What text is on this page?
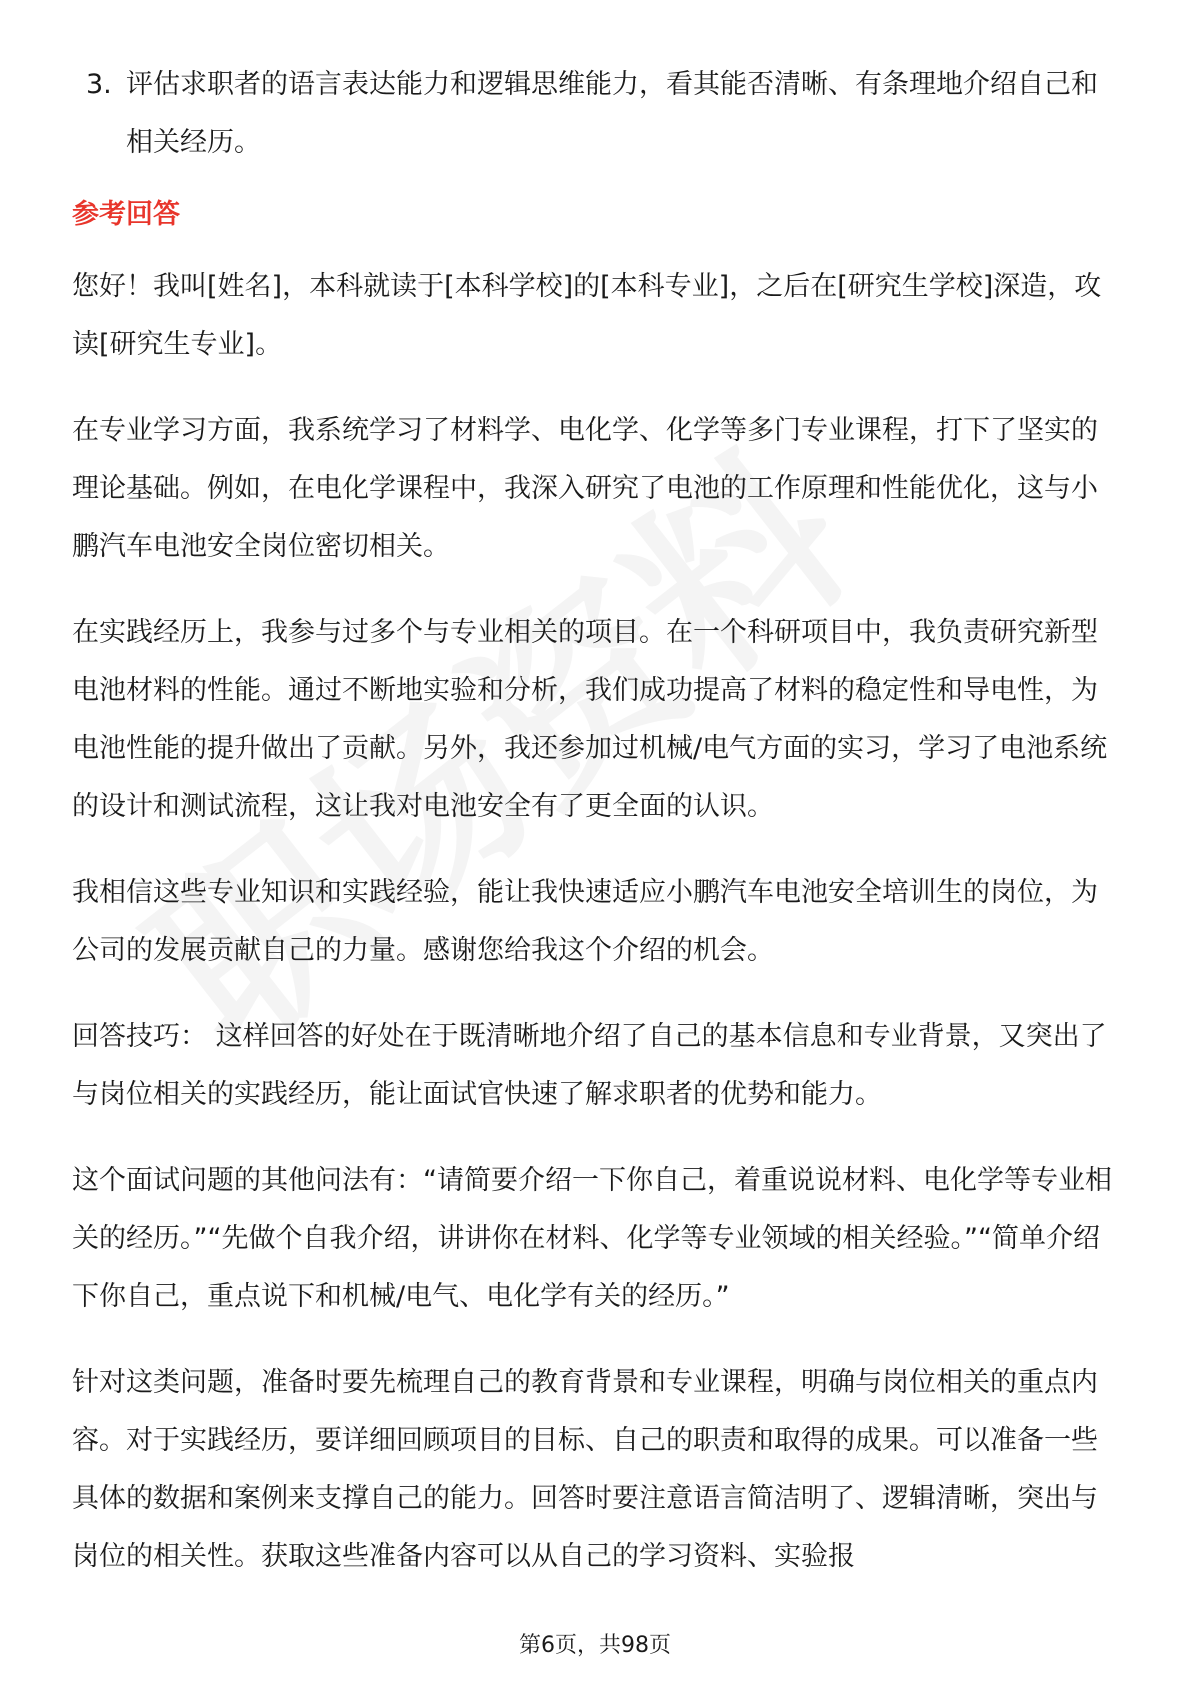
3. 评估求职者的语言表达能力和逻辑思维能力，看其能否清晰、有条理地介绍自己和相关经历。
参考回答

您好！我叫[姓名]，本科就读于[本科学校]的[本科专业]，之后在[研究生学校]深造，攻读[研究生专业]。

在专业学习方面，我系统学习了材料学、电化学、化学等多门专业课程，打下了坚实的理论基础。例如，在电化学课程中，我深入研究了电池的工作原理和性能优化，这与小鹏汽车电池安全岗位密切相关。

在实践经历上，我参与过多个与专业相关的项目。在一个科研项目中，我负责研究新型电池材料的性能。通过不断地实验和分析，我们成功提高了材料的稳定性和导电性，为电池性能的提升做出了贡献。另外，我还参加过机械/电气方面的实习，学习了电池系统的设计和测试流程，这让我对电池安全有了更全面的认识。

我相信这些专业知识和实践经验，能让我快速适应小鹏汽车电池安全培训生的岗位，为公司的发展贡献自己的力量。感谢您给我这个介绍的机会。

回答技巧： 这样回答的好处在于既清晰地介绍了自己的基本信息和专业背景，又突出了与岗位相关的实践经历，能让面试官快速了解求职者的优势和能力。

这个面试问题的其他问法有：“请简要介绍一下你自己，着重说说材料、电化学等专业相关的经历。”“先做个自我介绍，讲讲你在材料、化学等专业领域的相关经验。”“简单介绍下你自己，重点说下和机械/电气、电化学有关的经历。”

针对这类问题，准备时要先梳理自己的教育背景和专业课程，明确与岗位相关的重点内容。对于实践经历，要详细回顾项目的目标、自己的职责和取得的成果。可以准备一些具体的数据和案例来支撑自己的能力。回答时要注意语言简洁明了、逻辑清晰，突出与岗位的相关性。获取这些准备内容可以从自己的学习资料、实验报

第6页，共98页
